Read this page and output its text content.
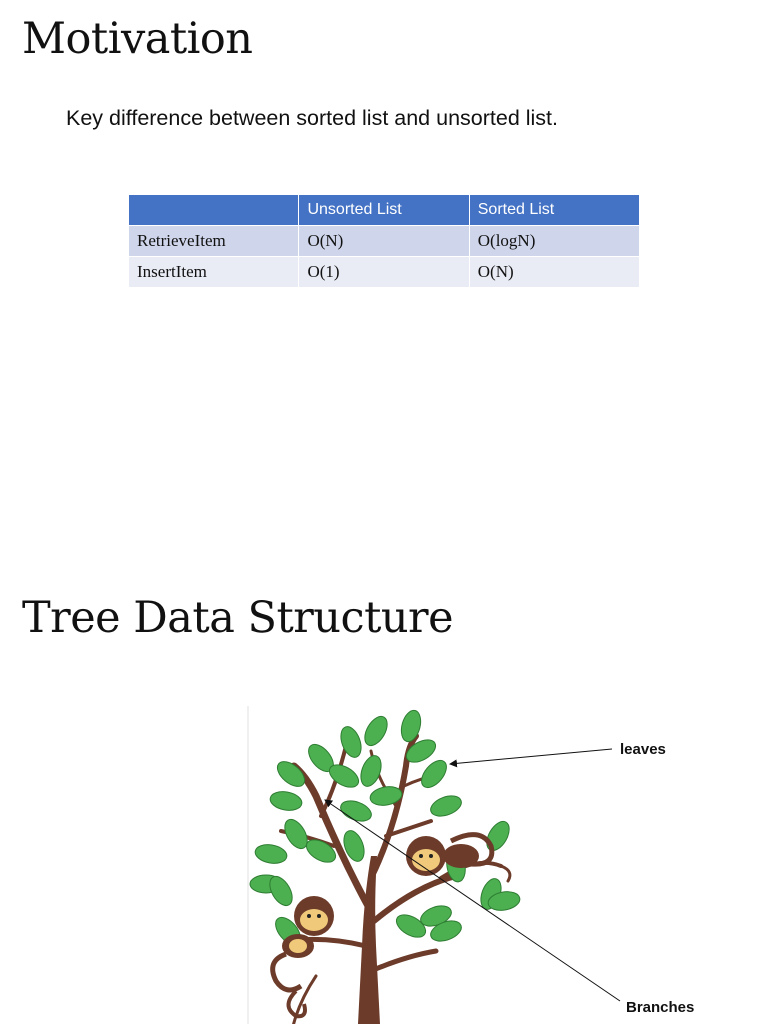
Motivation

Key difference between sorted list and unsorted list.

	Unsorted List	Sorted List
RetrieveItem	O(N)	O(logN)
InsertItem	O(1)	O(N)
Tree Data Structure
leaves
Branches
